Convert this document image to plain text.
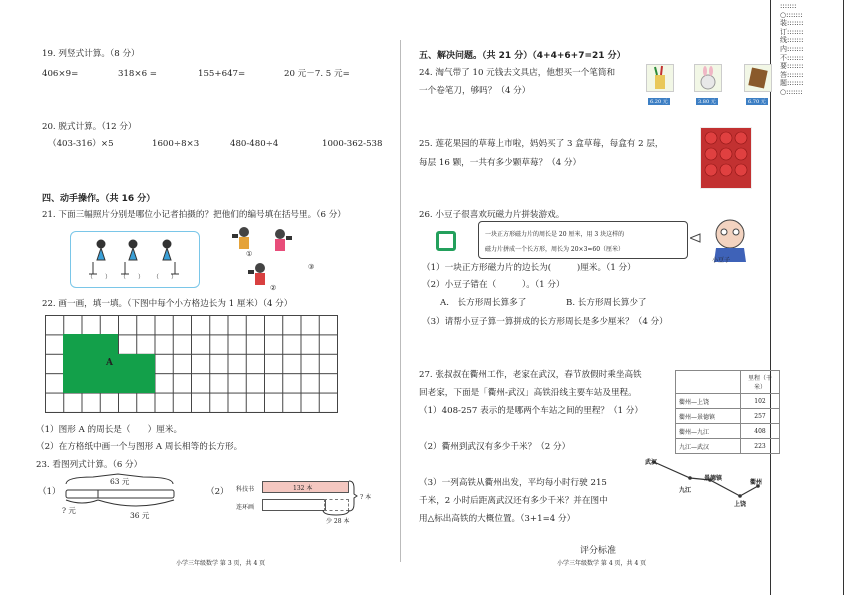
:::::::○:::::::装:::::::订:::::::线:::::::内:::::::不:::::::要:::::::答:::::::题:::::::○:::::::
19. 列竖式计算。（8 分）
406×9=	318×6 =	155+647=	20 元－7. 5 元=
20. 脱式计算。（12 分）
（403-316）×5	1600÷8×3	480-480÷4	1000-362-538
四、动手操作。（共 16 分）
21. 下面三幅照片分别是哪位小记者拍摄的？把他们的编号填在括号里。（6 分）
（　　） （　　） （　　）
①
②
③
22. 画一画，填一填。（下图中每个小方格边长为 1 厘米）（4 分）
A
（1）图形 A 的周长是（　　）厘米。
（2）在方格纸中画一个与图形 A 周长相等的长方形。
23. 看图列式计算。（6 分）
（1）
63 元
? 元
36 元
（2） 科技书
连环画
132 本
? 本
少 28 本
小学三年级数学 第 3 页，共 4 页
五、解决问题。（共 21 分）（4+4+6+7=21 分）
24. 淘气带了 10 元钱去文具店，他想买一个笔筒和
一个卷笔刀，够吗？（4 分）
6.20 元	3.80 元	6.70 元
25. 莲花果园的草莓上市啦，妈妈买了 3 盒草莓，每盒有 2 层，
每层 16 颗，一共有多少颗草莓？（4 分）
26. 小豆子很喜欢玩磁力片拼装游戏。
一块正方形磁力片的周长是 20 厘米，用 3 块这样的
磁力片拼成一个长方形，周长为 20×3=60（厘米）
小豆子
（1）一块正方形磁力片的边长为(　　　)厘米。（1 分）
（2）小豆子错在（　　　）。（1 分）
A.　长方形周长算多了	B. 长方形周长算少了
（3）请帮小豆子算一算拼成的长方形周长是多少厘米？（4 分）
27. 张叔叔在衢州工作，老家在武汉，春节放假时乘坐高铁
回老家，下面是「衢州-武汉」高铁沿线主要车站及里程。
（1）408-257 表示的是哪两个车站之间的里程？（1 分）
（2）衢州到武汉有多少千米？（2 分）
（3）一列高铁从衢州出发，平均每小时行驶 215
千米，2 小时后距离武汉还有多少千米？并在图中
用△标出高铁的大概位置。（3+1=4 分）
	里程（千米）
衢州—上饶	102
衢州—景德镇	257
衢州—九江	408
九江—武汉	223
武汉
九江
景德镇
上饶
衢州
评分标准
小学三年级数学 第 4 页，共 4 页
